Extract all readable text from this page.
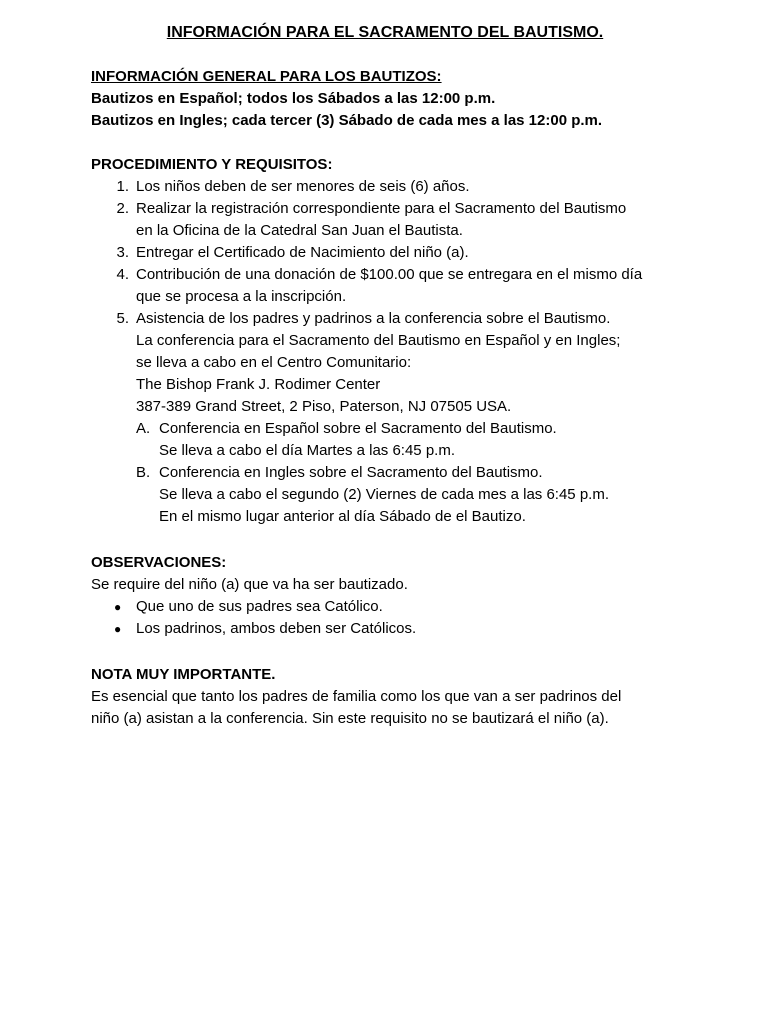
INFORMACIÓN PARA EL SACRAMENTO DEL BAUTISMO.
INFORMACIÓN GENERAL PARA LOS BAUTIZOS:
Bautizos en Español; todos los Sábados a las 12:00 p.m.
Bautizos en Ingles; cada tercer (3) Sábado de cada mes a las 12:00 p.m.
PROCEDIMIENTO Y REQUISITOS:
1. Los niños deben de ser menores de seis (6) años.
2. Realizar la registración correspondiente para el Sacramento del Bautismo
en la Oficina de la Catedral San Juan el Bautista.
3. Entregar el Certificado de Nacimiento del niño (a).
4. Contribución de una donación de $100.00 que se entregara en el mismo día
que se procesa a la inscripción.
5. Asistencia de los padres y padrinos a la conferencia sobre el Bautismo.
La conferencia para el Sacramento del Bautismo en Español y en Ingles;
se lleva a cabo en el Centro Comunitario:
The Bishop Frank J. Rodimer Center
387-389 Grand Street, 2 Piso, Paterson, NJ 07505 USA.
A. Conferencia en Español sobre el Sacramento del Bautismo.
Se lleva a cabo el día Martes a las 6:45 p.m.
B. Conferencia en Ingles sobre el Sacramento del Bautismo.
Se lleva a cabo el segundo (2) Viernes de cada mes a las 6:45 p.m.
En el mismo lugar anterior al día Sábado de el Bautizo.
OBSERVACIONES:
Se require del niño (a) que va ha ser bautizado.
● Que uno de sus padres sea Católico.
● Los padrinos, ambos deben ser Católicos.
NOTA MUY IMPORTANTE.
Es esencial que tanto los padres de familia como los que van a ser padrinos del
niño (a) asistan a la conferencia. Sin este requisito no se bautizará el niño (a).
